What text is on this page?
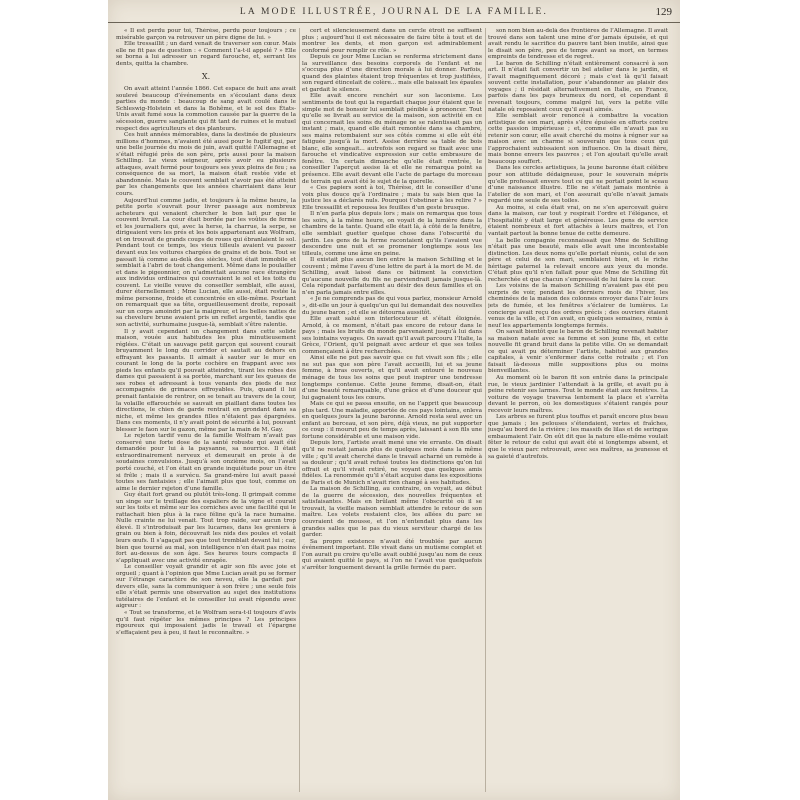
LA MODE ILLUSTRÉE, JOURNAL DE LA FAMILLE.	129

« Il est perdu pour toi, Thérèse, perdu pour toujours ; ce misérable garçon va retrouver un père digne de lui. »

Elle tressaillit ; un dard venait de traverser son cœur. Mais elle ne fit pas de question : « Comment l’a-t-il appelé ? » Elle se borna à lui adresser un regard farouche, et, serrant les dents, quitta la chambre.

X.

On avait atteint l’année 1866. Cet espace de huit ans avait soulevé beaucoup d’événements en s’écoulant dans deux parties du monde : beaucoup de sang avait coulé dans le Schleswig-Holstein et dans la Bohême, et le sol des États-Unis avait fumé sous la commotion causée par la guerre de la sécession, guerre sanglante qui fit tant de ruines et le mutuel respect des agriculteurs et des planteurs.

Ces huit années mémorables, dans la destinée de plusieurs millions d’hommes, n’avaient été aussi pour le fugitif qui, par une belle journée du mois de juin, avait quitté l’Allemagne et s’était réfugié près de son père, pris aussi pour la maison Schilling. Le vieux seigneur, après avoir eu plusieurs attaques, avait fermé pour toujours ses yeux pleins de feu ; sa conséquence de sa mort, la maison était restée vide et abandonnée. Mais le couvent semblait n’avoir pas été atteint par les changements que les années charriaient dans leur cours.

Aujourd’hui comme jadis, et toujours à la même heure, la petite porte s’ouvrait pour livrer passage aux nombreux acheteurs qui venaient chercher le bon lait pur que le couvent livrait. La cour était bordée par les voûtes de ferme et les journaliers qui, avec la herse, la charrue, la serpe, se dirigeaient vers les prés et les bois appartenant aux Wolfram, et on trouvait de grands coups de roues qui ébranlaient le sol. Pendant tout ce temps, les vieux tilleuls avaient vu passer devant eux les voitures chargées de grains et de bois. Tout se passait là comme au-delà des siècles, tout était immobile et semblait à l’abri de tout changement. Même dans le poulailler et dans le pigeonnier, on n’admettait aucune race étrangère aux individus ordinaires qui couvraient le sol et les toits du couvent. Le vieille veuve du conseiller semblait, elle aussi, durer éternellement ; Mme Lucian, elle aussi, était restée la même personne, froide et concentrée en elle-même. Pourtant on remarquait que sa tête, orgueilleusement droite, reposait sur un corps amoindri par la maigreur, et les belles nattes de sa chevelure brune avaient pris un reflet argenté, tandis que son activité, surhumaine jusque-là, semblait s’être ralentie.

Il y avait cependant un changement dans cette solide maison, vouée aux habitudes les plus minutieusement réglées. C’était un sauvage petit garçon qui souvent courait bruyamment le long du corridor et sautait au dehors en effrayant les passants. Il aimait à sauter sur le mur en courant le long de la porte cochère en frappant avec ses pieds les enfants qu’il pouvait atteindre, tirant les robes des dames qui passaient à sa portée, marchant sur les queues de ses robes et adressant à tous venants des pieds de nez accompagnés de grimaces effroyables. Puis, quand il lui prenait fantaisie de rentrer, on se tenait au travers de la cour, la volaille effarouchée se sauvait en piaillant dans toutes les directions, le chien de garde rentrait en grondant dans sa niche, et même les grandes filles n’étaient pas épargnées. Dans ces moments, il n’y avait point de sécurité à lui, pouvant blesser le faon sur le gazon, même par la main de M. Gay.

Le rejeton tardif venu de la famille Wolfram n’avait pas conservé une forte dose de la santé robuste qui avait été demandée pour lui à la paysanne, sa nourrice. Il était extraordinairement nerveux et demeurait en proie à de soudaines convulsions. Jusqu’à son onzième mois, on l’avait porté couché, et l’on était en grande inquiétude pour un être si frêle ; mais il a survécu. Sa grand-mère lui avait passé toutes ses fantaisies ; elle l’aimait plus que tout, comme on aime le dernier rejeton d’une famille.

Guy était fort grand ou plutôt très-long. Il grimpait comme un singe sur le treillage des espaliers de la vigne et courait sur les toits et même sur les corniches avec une facilité qui le rattachait bien plus à la race féline qu’à la race humaine. Nulle crainte ne lui venait. Tout trop raide, sur aucun trop élevé. Il s’introduisait par les lucarnes, dans les greniers à grain ou bien à foin, découvrait les nids des poules et volait leurs œufs. Il s’agaçait pas que tout tremblait devant lui ; car, bien que tourné au mal, son intelligence n’en était pas moins fort au-dessus de son âge. Ses heures tours compacts il s’appliquait avec une activité enragée.

Le conseiller voyait grandir et agir son fils avec joie et orgueil ; quant à l’opinion que Mme Lucian avait pu se former sur l’étrange caractère de son neveu, elle la gardait par devers elle, sans la communiquer à son frère ; une seule fois elle s’était permis une observation au sujet des institutions tutélaires de l’enfant et le conseiller lui avait répondu avec aigreur :

« Tout se transforme, et le Wolfram sera-t-il toujours d’avis qu’il faut répéter les mêmes principes ? Les principes rigoureux qui imposaient jadis le travail et l’épargne s’effaçaient peu à peu, il faut le reconnaître. »

cert et silencieusement dans un cercle étroit ne suffisent plus ; aujourd’hui il est nécessaire de faire tête à tout et de montrer les dents, et mon garçon est admirablement conformé pour remplir ce rôle. »

Depuis ce jour Mme Lucian se renferma strictement dans la surveillance des besoins corporels de l’enfant et ne s’occupa plus d’une direction morale à lui donner. Parfois, quand des plaintes étaient trop fréquentes et trop justifiées, son regard étincelait de colère... mais elle baissait les épaules et gardait le silence.

Elle avait encore renchéri sur son laconisme. Les sentiments de tout qui la regardait chaque jour étaient que le simple mot de bonsoir lui semblait pénible à prononcer. Tout qu’elle se livrait au service de la maison, son activité en ce qui concernait les soins du ménage ne se ralentissait pas un instant ; mais, quand elle était remontée dans sa chambre, ses mains retombaient sur ses côtés comme si elle eût été fatiguée jusqu’à la mort. Assise derrière sa table de bois blanc, elle songeait... autrefois son regard se fixait avec une farouche et vindicative expression sur cette embrasure de fenêtre. Un certain dimanche qu’elle était rentrée, le conseiller l’aperçut assise là et elle ne remarqua point sa présence. Elle avait devant elle l’acte de partage du morceau de terrain qui avait été le sujet de la querelle.

« Ces papiers sont à toi, Thérèse, dit le conseiller d’une voix plus douce qu’à l’ordinaire ; mais tu sais bien que la justice les a déclarés nuls. Pourquoi t’obstiner à les relire ? » Elle tressaillit et repoussa les feuilles d’un geste brusque.

Il n’en parla plus depuis lors ; mais on remarqua que tous les soirs, à la même heure, on voyait de la lumière dans la chambre de la tante. Quand elle était là, à côté de la fenêtre, elle semblait guetter quelque chose dans l’obscurité du jardin. Les gens de la ferme racontaient qu’ils l’avaient vue descendre une nuit et se promener longtemps sous les tilleuls, comme une âme en peine.

Il existait plus aucun lien entre la maison Schilling et le couvent ; même l’aveu d’une lettre de part à la mort de M. de Schilling, avait laissé dans ce bâtiment la conviction qu’aucune nouvelle du fils ne parviendrait jamais jusque-là. Cela répondait parfaitement au désir des deux familles et on n’en parla jamais entre elles.

« Je ne comprends pas de qui vous parlez, monsieur Arnold », dit-elle un jour à quelqu’un qui lui demandait des nouvelles du jeune baron ; et elle se détourna aussitôt.

Elle avait salué son interlocuteur et s’était éloignée. Arnold, à ce moment, n’était pas encore de retour dans le pays ; mais les bruits du monde parvenaient jusqu’à lui dans ses lointains voyages. On savait qu’il avait parcouru l’Italie, la Grèce, l’Orient, qu’il peignait avec ardeur et que ses toiles commençaient à être recherchées.

Ainsi elle ne put pas savoir que ce fut vivait son fils ; elle ne sut pas que son père l’avait accueilli, lui et sa jeune femme, à bras ouverts, et qu’il avait entouré le nouveau ménage de tous les soins que peut inspirer une tendresse longtemps contenue. Cette jeune femme, disait-on, était d’une beauté remarquable, d’une grâce et d’une douceur qui lui gagnaient tous les cœurs.

Mais ce qui se passa ensuite, on ne l’apprit que beaucoup plus tard. Une maladie, apportée de ces pays lointains, enleva en quelques jours la jeune baronne. Arnold resta seul avec un enfant au berceau, et son père, déjà vieux, ne put supporter ce coup : il mourut peu de temps après, laissant à son fils une fortune considérable et une maison vide.

Depuis lors, l’artiste avait mené une vie errante. On disait qu’il ne restait jamais plus de quelques mois dans la même ville ; qu’il avait cherché dans le travail acharné un remède à sa douleur ; qu’il avait refusé toutes les distinctions qu’on lui offrait et qu’il vivait retiré, ne voyant que quelques amis fidèles. La renommée qu’il s’était acquise dans les expositions de Paris et de Munich n’avait rien changé à ses habitudes.

La maison de Schilling, au contraire, on voyait, au début de la guerre de sécession, des nouvelles fréquentes et satisfaisantes. Mais en brûlant même l’obscurité où il se trouvait, la vieille maison semblait attendre le retour de son maître. Les volets restaient clos, les allées du parc se couvraient de mousse, et l’on n’entendait plus dans les grandes salles que le pas du vieux serviteur chargé de les garder.

Sa propre existence n’avait été troublée par aucun événement important. Elle vivait dans un mutisme complet et l’on aurait pu croire qu’elle avait oublié jusqu’au nom de ceux qui avaient quitté le pays, si l’on ne l’avait vue quelquefois s’arrêter longuement devant la grille fermée du parc.

son nom bien au-delà des frontières de l’Allemagne. Il avait trouvé dans son talent une mine d’or jamais épuisée, et qui avait rendu le sacrifice du pauvre tant bien inutile, ainsi que le disait son père, peu de temps avant sa mort, en termes empreints de tendresse et de regret.

Le baron de Schilling n’était entièrement consacré à son art. Il n’était fait convertir un bel atelier dans le jardin, et l’avait magnifiquement décoré ; mais c’est là qu’il faisait souvent cette installation, pour s’abandonner au plaisir des voyages ; il résidait alternativement en Italie, en France, parfois dans les pays brumeux du nord, et cependant il revenait toujours, comme malgré lui, vers la petite ville natale où reposaient ceux qu’il avait aimés.

Elle semblait avoir renoncé à combattre la vocation artistique de son mari, après s’être épuisée en efforts contre cette passion impérieuse ; et, comme elle n’avait pas su retenir son cœur, elle avait cherché du moins à régner sur sa maison avec un charme si souverain que tous ceux qui l’approchaient subissaient son influence. On la disait fière, mais bonne envers les pauvres ; et l’on ajoutait qu’elle avait beaucoup souffert.

Dans les cercles artistiques, la jeune baronne était célèbre pour son attitude dédaigneuse, pour le souverain mépris qu’elle professait envers tout ce qui ne portait point le sceau d’une naissance illustre. Elle ne s’était jamais montrée à l’atelier de son mari, et l’on assurait qu’elle n’avait jamais regardé une seule de ses toiles.

Au moins, si cela était vrai, on ne s’en apercevait guère dans la maison, car tout y respirait l’ordre et l’élégance, et l’hospitalité y était large et généreuse. Les gens de service étaient nombreux et fort attachés à leurs maîtres, et l’on vantait partout la bonne tenue de cette demeure.

La belle compagnie reconnaissait que Mme de Schilling n’était pas une beauté, mais elle avait une incontestable distinction. Les deux noms qu’elle portait réunis, celui de son père et celui de son mari, semblaient bien, et le riche héritage paternel la relevait encore aux yeux du monde. C’était plus qu’il n’en fallait pour que Mme de Schilling fût recherchée et que chacun s’empressât de lui faire la cour.

Les voisins de la maison Schilling n’avaient pas été peu surpris de voir, pendant les derniers mois de l’hiver, les cheminées de la maison des colonnes envoyer dans l’air leurs jets de fumée, et les fenêtres s’éclairer de lumières. Le concierge avait reçu des ordres précis ; des ouvriers étaient venus de la ville, et l’on avait, en quelques semaines, remis à neuf les appartements longtemps fermés.

On savait bientôt que le baron de Schilling revenait habiter sa maison natale avec sa femme et son jeune fils, et cette nouvelle fit grand bruit dans la petite ville. On se demandait ce qui avait pu déterminer l’artiste, habitué aux grandes capitales, à venir s’enfermer dans cette retraite ; et l’on faisait là-dessus mille suppositions plus ou moins bienveillantes.

Au moment où le baron fit son entrée dans la principale rue, le vieux jardinier l’attendait à la grille, et avait pu à peine retenir ses larmes. Tout le monde était aux fenêtres. La voiture de voyage traversa lentement la place et s’arrêta devant le perron, où les domestiques s’étaient rangés pour recevoir leurs maîtres.

Les arbres se furent plus touffus et paraît encore plus beau que jamais ; les pelouses s’étendaient, vertes et fraîches, jusqu’au bord de la rivière ; les massifs de lilas et de seringas embaumaient l’air. On eût dit que la nature elle-même voulait fêter le retour de celui qui avait été si longtemps absent, et que le vieux parc retrouvait, avec ses maîtres, sa jeunesse et sa gaieté d’autrefois.
